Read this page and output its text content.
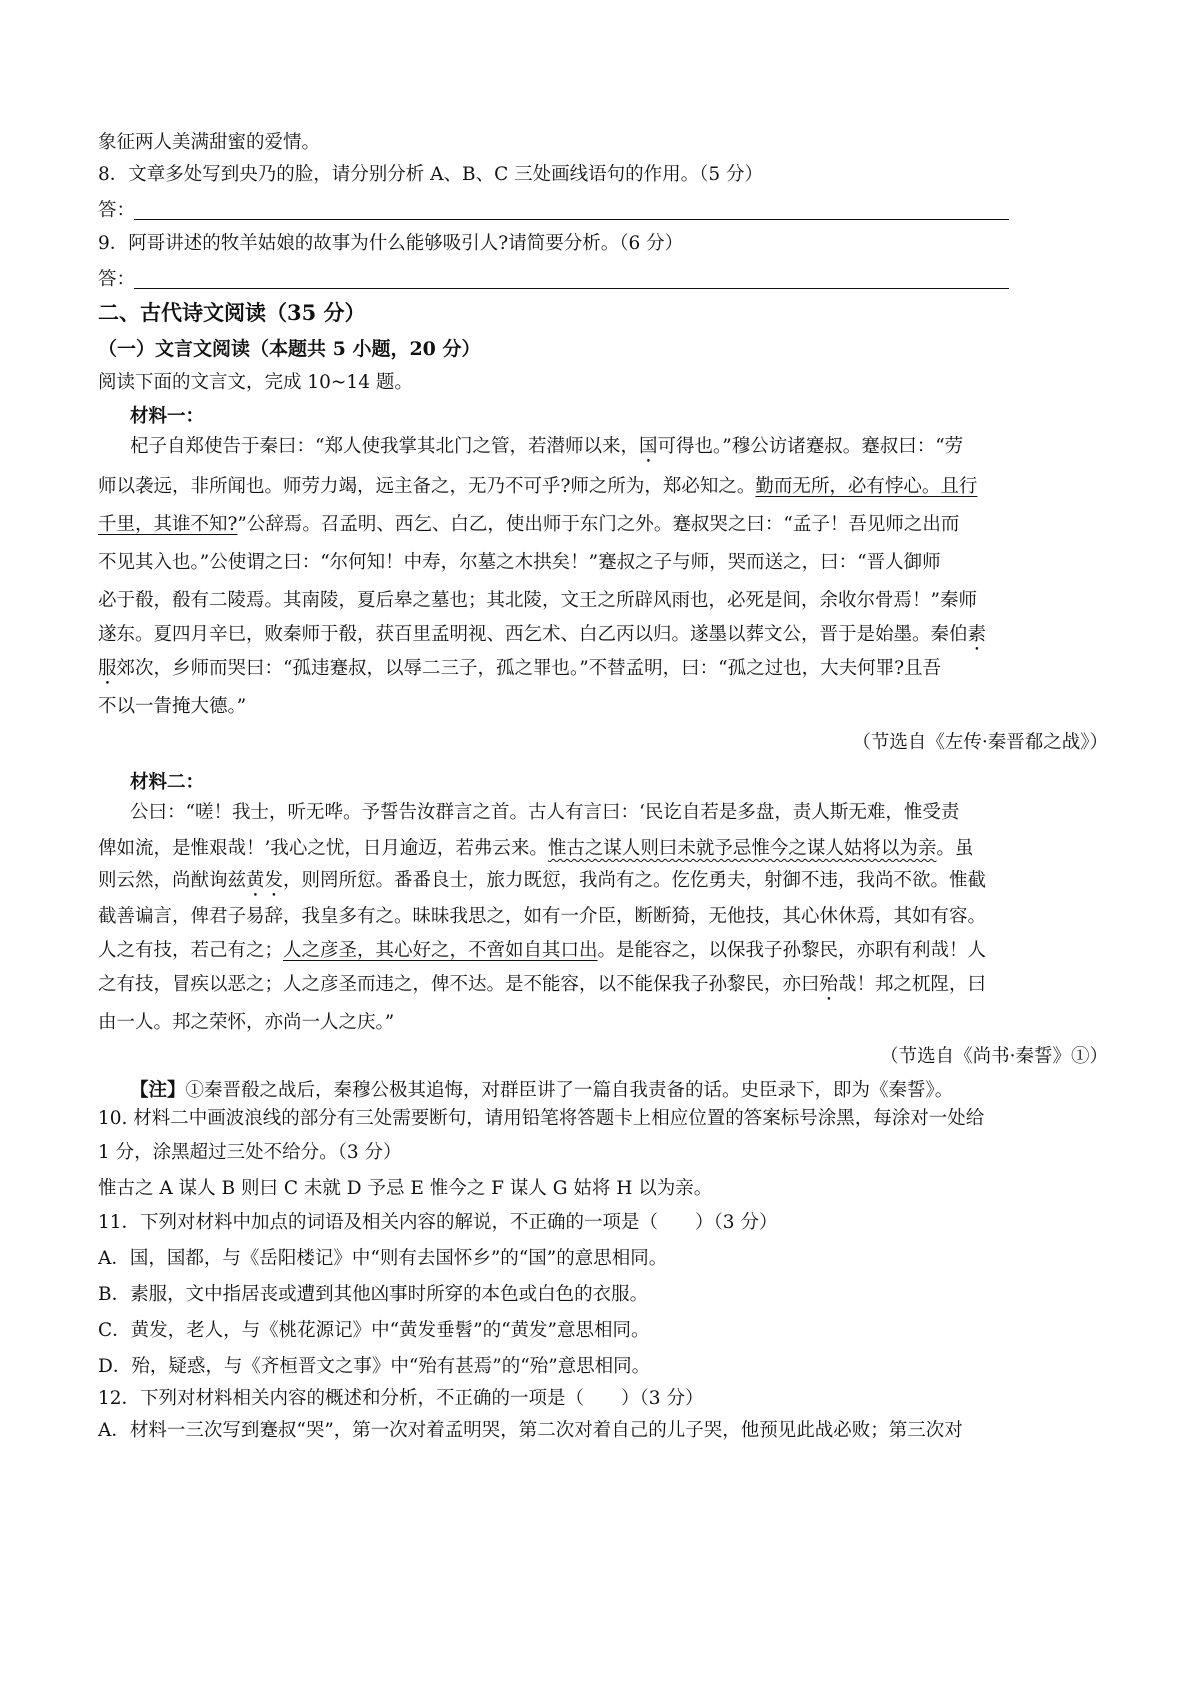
象征两人美满甜蜜的爱情。
8．文章多处写到央乃的脸，请分别分析 A、B、C 三处画线语句的作用。（5 分）
答：
9．阿哥讲述的牧羊姑娘的故事为什么能够吸引人?请简要分析。（6 分）
答：
二、古代诗文阅读（35 分）
（一）文言文阅读（本题共 5 小题，20 分）
阅读下面的文言文，完成 10~14 题。
材料一：
杞子自郑使告于秦曰：“郑人使我掌其北门之管，若潜师以来，国可得也。”穆公访诸蹇叔。蹇叔曰：“劳
师以袭远，非所闻也。师劳力竭，远主备之，无乃不可乎?师之所为，郑必知之。勤而无所，必有悖心。且行
千里，其谁不知?”公辞焉。召孟明、西乞、白乙，使出师于东门之外。蹇叔哭之曰：“孟子！吾见师之出而
不见其入也。”公使谓之曰：“尔何知！中寿，尔墓之木拱矣！”蹇叔之子与师，哭而送之，曰：“晋人御师
必于殽，殽有二陵焉。其南陵，夏后皋之墓也；其北陵，文王之所辟风雨也，必死是间，余收尔骨焉！”秦师
遂东。夏四月辛巳，败秦师于殽，获百里孟明视、西乞术、白乙丙以归。遂墨以葬文公，晋于是始墨。秦伯素
服郊次，乡师而哭曰：“孤违蹇叔，以辱二三子，孤之罪也。”不替孟明，曰：“孤之过也，大夫何罪?且吾
不以一眚掩大德。”
（节选自《左传·秦晋郩之战》）
材料二：
公曰：“嗟！我士，听无哗。予誓告汝群言之首。古人有言曰：‘民讫自若是多盘，责人斯无难，惟受责
俾如流，是惟艰哉！’我心之忧，日月逾迈，若弗云来。惟古之谋人则曰未就予忌惟今之谋人姑将以为亲。虽
则云然，尚猷询兹黄发，则罔所愆。番番良士，旅力既愆，我尚有之。仡仡勇夫，射御不违，我尚不欲。惟截
截善谝言，俾君子易辞，我皇多有之。昧昧我思之，如有一介臣，断断猗，无他技，其心休休焉，其如有容。
人之有技，若己有之；人之彦圣，其心好之，不啻如自其口出。是能容之，以保我子孙黎民，亦职有利哉！人
之有技，冒疾以恶之；人之彦圣而违之，俾不达。是不能容，以不能保我子孙黎民，亦曰殆哉！邦之杌陧，曰
由一人。邦之荣怀，亦尚一人之庆。”
（节选自《尚书·秦誓》①）
【注】①秦晋殽之战后，秦穆公极其追悔，对群臣讲了一篇自我责备的话。史臣录下，即为《秦誓》。
10. 材料二中画波浪线的部分有三处需要断句，请用铅笔将答题卡上相应位置的答案标号涂黑，每涂对一处给
1 分，涂黑超过三处不给分。（3 分）
惟古之 A 谋人 B 则曰 C 未就 D 予忌 E 惟今之 F 谋人 G 姑将 H 以为亲。
11．下列对材料中加点的词语及相关内容的解说，不正确的一项是（　　）（3 分）
A．国，国都，与《岳阳楼记》中“则有去国怀乡”的“国”的意思相同。
B．素服，文中指居丧或遭到其他凶事时所穿的本色或白色的衣服。
C．黄发，老人，与《桃花源记》中“黄发垂髫”的“黄发”意思相同。
D．殆，疑惑，与《齐桓晋文之事》中“殆有甚焉”的“殆”意思相同。
12．下列对材料相关内容的概述和分析，不正确的一项是（　　）（3 分）
A．材料一三次写到蹇叔“哭”，第一次对着孟明哭，第二次对着自己的儿子哭，他预见此战必败；第三次对
